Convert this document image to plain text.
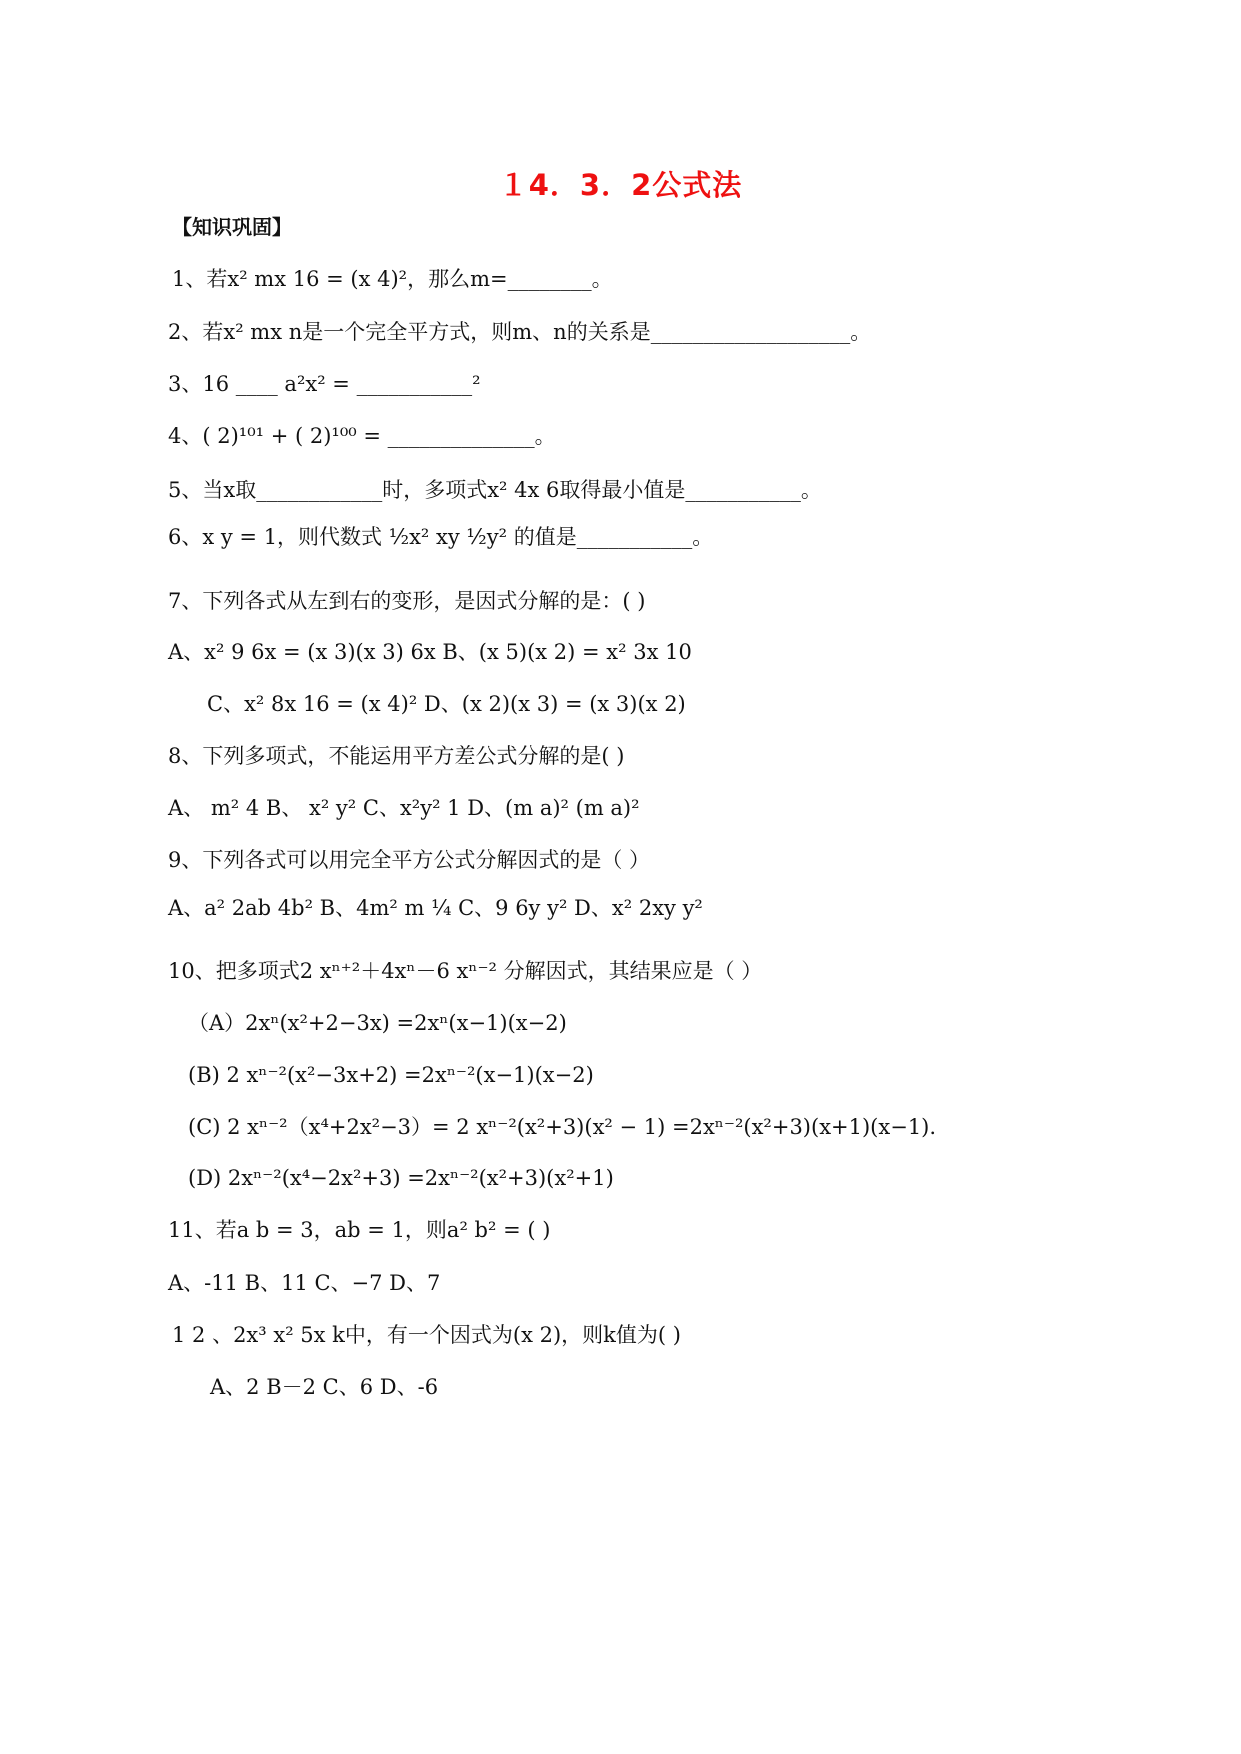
１4．3．2公式法
【知识巩固】
1、若x² mx 16 = (x 4)²，那么m=________。
2、若x² mx n是一个完全平方式，则m、n的关系是___________________。
3、16 ____ a²x² = ___________²
4、( 2)¹⁰¹ + ( 2)¹⁰⁰ = ______________。
5、当x取____________时，多项式x² 4x 6取得最小值是___________。
6、x y = 1，则代数式 ½x² xy ½y² 的值是___________。
7、下列各式从左到右的变形，是因式分解的是：( )
A、x² 9 6x = (x 3)(x 3) 6x B、(x 5)(x 2) = x² 3x 10
C、x² 8x 16 = (x 4)² D、(x 2)(x 3) = (x 3)(x 2)
8、下列多项式，不能运用平方差公式分解的是( )
A、 m² 4 B、 x² y² C、x²y² 1 D、(m a)² (m a)²
9、下列各式可以用完全平方公式分解因式的是（ ）
A、a² 2ab 4b² B、4m² m ¼ C、9 6y y² D、x² 2xy y²
10、把多项式2 xⁿ⁺²＋4xⁿ－6 xⁿ⁻² 分解因式，其结果应是（ ）
（A）2xⁿ(x²+2−3x) =2xⁿ(x−1)(x−2)
(B) 2 xⁿ⁻²(x²−3x+2) =2xⁿ⁻²(x−1)(x−2)
(C) 2 xⁿ⁻²（x⁴+2x²−3）= 2 xⁿ⁻²(x²+3)(x² − 1) =2xⁿ⁻²(x²+3)(x+1)(x−1).
(D) 2xⁿ⁻²(x⁴−2x²+3) =2xⁿ⁻²(x²+3)(x²+1)
11、若a b = 3，ab = 1，则a² b² = ( )
A、-11 B、11 C、−7 D、7
1 2 、2x³ x² 5x k中，有一个因式为(x 2)，则k值为( )
A、2 B－2 C、6 D、-6
